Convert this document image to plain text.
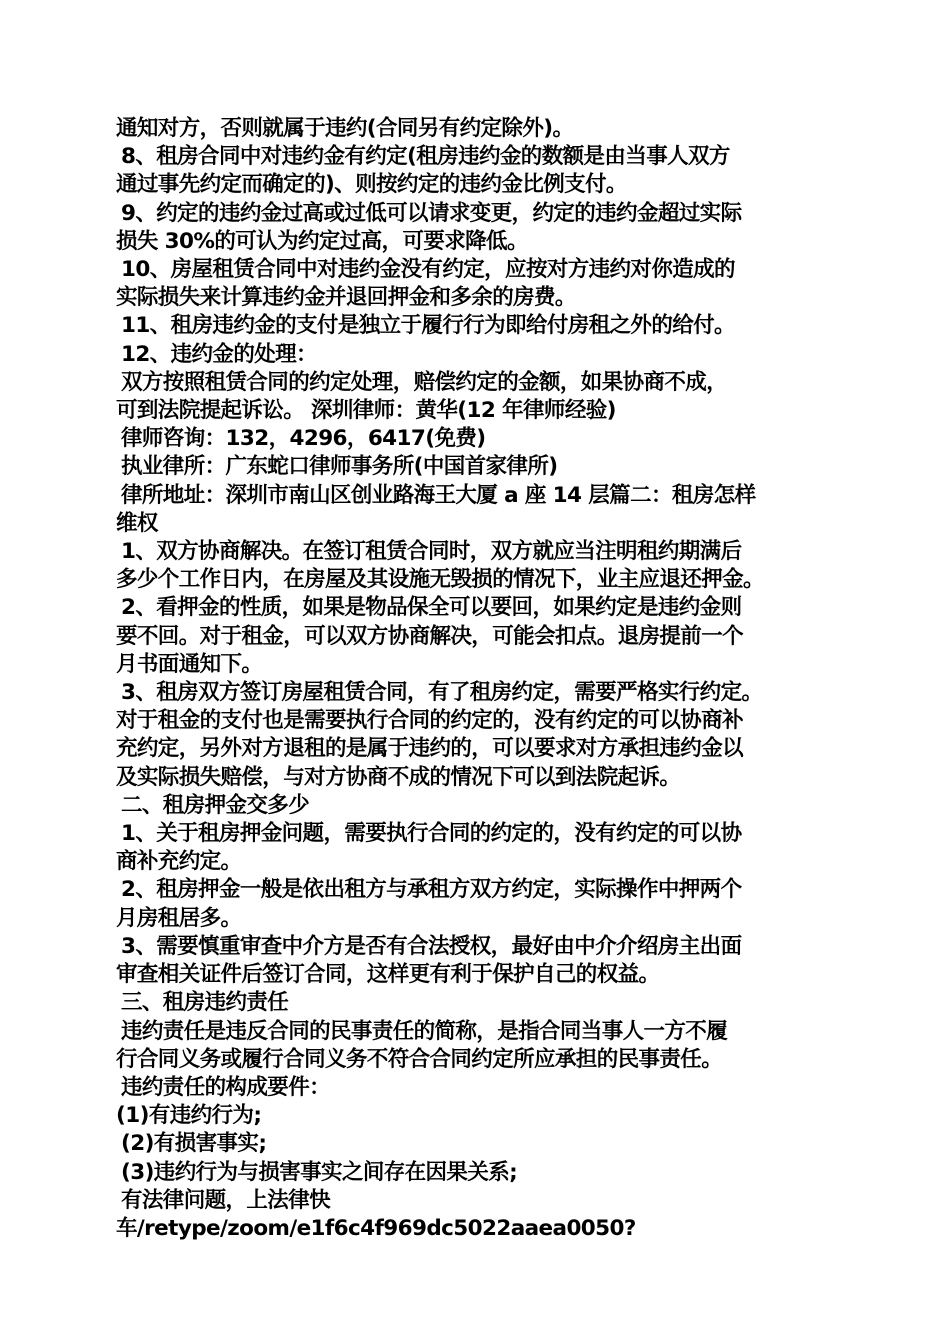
通知对方，否则就属于违约(合同另有约定除外)。

8、租房合同中对违约金有约定(租房违约金的数额是由当事人双方

通过事先约定而确定的)、则按约定的违约金比例支付。

9、约定的违约金过高或过低可以请求变更，约定的违约金超过实际

损失 30%的可认为约定过高，可要求降低。

10、房屋租赁合同中对违约金没有约定，应按对方违约对你造成的

实际损失来计算违约金并退回押金和多余的房费。

11、租房违约金的支付是独立于履行行为即给付房租之外的给付。

12、违约金的处理：

双方按照租赁合同的约定处理，赔偿约定的金额，如果协商不成，

可到法院提起诉讼。 深圳律师：黄华(12 年律师经验)

律师咨询：132，4296，6417(免费)

执业律所：广东蛇口律师事务所(中国首家律所)

律所地址：深圳市南山区创业路海王大厦 a 座 14 层篇二：租房怎样

维权

1、双方协商解决。在签订租赁合同时，双方就应当注明租约期满后

多少个工作日内，在房屋及其设施无毁损的情况下，业主应退还押金。

2、看押金的性质，如果是物品保全可以要回，如果约定是违约金则

要不回。对于租金，可以双方协商解决，可能会扣点。退房提前一个

月书面通知下。

3、租房双方签订房屋租赁合同，有了租房约定，需要严格实行约定。

对于租金的支付也是需要执行合同的约定的，没有约定的可以协商补

充约定，另外对方退租的是属于违约的，可以要求对方承担违约金以

及实际损失赔偿，与对方协商不成的情况下可以到法院起诉。

二、租房押金交多少

1、关于租房押金问题，需要执行合同的约定的，没有约定的可以协

商补充约定。

2、租房押金一般是依出租方与承租方双方约定，实际操作中押两个

月房租居多。

3、需要慎重审查中介方是否有合法授权，最好由中介介绍房主出面

审查相关证件后签订合同，这样更有利于保护自己的权益。

三、租房违约责任

违约责任是违反合同的民事责任的简称，是指合同当事人一方不履

行合同义务或履行合同义务不符合合同约定所应承担的民事责任。

违约责任的构成要件：

(1)有违约行为;

(2)有损害事实;

(3)违约行为与损害事实之间存在因果关系;

有法律问题，上法律快

车/retype/zoom/e1f6c4f969dc5022aaea0050?
